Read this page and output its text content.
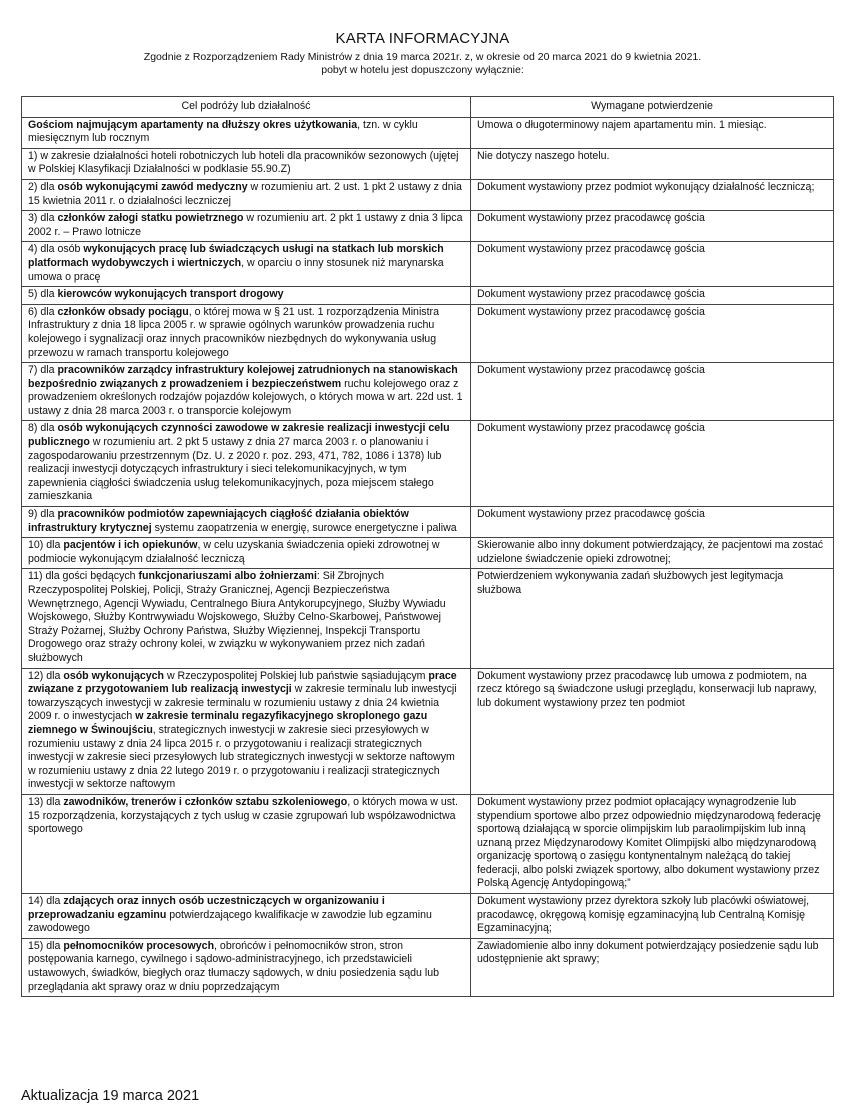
KARTA INFORMACYJNA
Zgodnie z Rozporządzeniem Rady Ministrów z dnia 19 marca 2021r. z, w okresie od 20 marca 2021 do 9 kwietnia 2021.
pobyt w hotelu jest dopuszczony wyłącznie:
Cel podróży lub działalność	Wymagane potwierdzenie
Gościom najmującym apartamenty na dłuższy okres użytkowania, tzn. w cyklu miesięcznym lub rocznym	Umowa o długoterminowy najem apartamentu min. 1 miesiąc.
1) w zakresie działalności hoteli robotniczych lub hoteli dla pracowników sezonowych (ujętej w Polskiej Klasyfikacji Działalności w podklasie 55.90.Z)	Nie dotyczy naszego hotelu.
2) dla osób wykonującymi zawód medyczny w rozumieniu art. 2 ust. 1 pkt 2 ustawy z dnia 15 kwietnia 2011 r. o działalności leczniczej	Dokument wystawiony przez podmiot wykonujący działalność leczniczą;
3) dla członków załogi statku powietrznego w rozumieniu art. 2 pkt 1 ustawy z dnia 3 lipca 2002 r. – Prawo lotnicze	Dokument wystawiony przez pracodawcę gościa
4) dla osób wykonujących pracę lub świadczących usługi na statkach lub morskich platformach wydobywczych i wiertniczych, w oparciu o inny stosunek niż marynarska umowa o pracę	Dokument wystawiony przez pracodawcę gościa
5) dla kierowców wykonujących transport drogowy	Dokument wystawiony przez pracodawcę gościa
6) dla członków obsady pociągu, o której mowa w § 21 ust. 1 rozporządzenia Ministra Infrastruktury z dnia 18 lipca 2005 r. w sprawie ogólnych warunków prowadzenia ruchu kolejowego i sygnalizacji oraz innych pracowników niezbędnych do wykonywania usług przewozu w ramach transportu kolejowego	Dokument wystawiony przez pracodawcę gościa
7) dla pracowników zarządcy infrastruktury kolejowej zatrudnionych na stanowiskach bezpośrednio związanych z prowadzeniem i bezpieczeństwem ruchu kolejowego oraz z prowadzeniem określonych rodzajów pojazdów kolejowych, o których mowa w art. 22d ust. 1 ustawy z dnia 28 marca 2003 r. o transporcie kolejowym	Dokument wystawiony przez pracodawcę gościa
8) dla osób wykonujących czynności zawodowe w zakresie realizacji inwestycji celu publicznego w rozumieniu art. 2 pkt 5 ustawy z dnia 27 marca 2003 r. o planowaniu i zagospodarowaniu przestrzennym (Dz. U. z 2020 r. poz. 293, 471, 782, 1086 i 1378) lub realizacji inwestycji dotyczących infrastruktury i sieci telekomunikacyjnych, w tym zapewnienia ciągłości świadczenia usług telekomunikacyjnych, poza miejscem stałego zamieszkania	Dokument wystawiony przez pracodawcę gościa
9) dla pracowników podmiotów zapewniających ciągłość działania obiektów infrastruktury krytycznej systemu zaopatrzenia w energię, surowce energetyczne i paliwa	Dokument wystawiony przez pracodawcę gościa
10) dla pacjentów i ich opiekunów, w celu uzyskania świadczenia opieki zdrowotnej w podmiocie wykonującym działalność leczniczą	Skierowanie albo inny dokument potwierdzający, że pacjentowi ma zostać udzielone świadczenie opieki zdrowotnej;
11) dla gości będących funkcjonariuszami albo żołnierzami: Sił Zbrojnych Rzeczypospolitej Polskiej, Policji, Straży Granicznej, Agencji Bezpieczeństwa Wewnętrznego, Agencji Wywiadu, Centralnego Biura Antykorupcyjnego, Służby Wywiadu Wojskowego, Służby Kontrwywiadu Wojskowego, Służby Celno-Skarbowej, Państwowej Straży Pożarnej, Służby Ochrony Państwa, Służby Więziennej, Inspekcji Transportu Drogowego oraz straży ochrony kolei, w związku w wykonywaniem przez nich zadań służbowych	Potwierdzeniem wykonywania zadań służbowych jest legitymacja służbowa
12) dla osób wykonujących w Rzeczypospolitej Polskiej lub państwie sąsiadującym prace związane z przygotowaniem lub realizacją inwestycji w zakresie terminalu lub inwestycji towarzyszących inwestycji w zakresie terminalu w rozumieniu ustawy z dnia 24 kwietnia 2009 r. o inwestycjach w zakresie terminalu regazyfikacyjnego skroplonego gazu ziemnego w Świnoujściu, strategicznych inwestycji w zakresie sieci przesyłowych w rozumieniu ustawy z dnia 24 lipca 2015 r. o przygotowaniu i realizacji strategicznych inwestycji w zakresie sieci przesyłowych lub strategicznych inwestycji w sektorze naftowym w rozumieniu ustawy z dnia 22 lutego 2019 r. o przygotowaniu i realizacji strategicznych inwestycji w sektorze naftowym	Dokument wystawiony przez pracodawcę lub umowa z podmiotem, na rzecz którego są świadczone usługi przeglądu, konserwacji lub naprawy, lub dokument wystawiony przez ten podmiot
13) dla zawodników, trenerów i członków sztabu szkoleniowego, o których mowa w ust. 15 rozporządzenia, korzystających z tych usług w czasie zgrupowań lub współzawodnictwa sportowego	Dokument wystawiony przez podmiot opłacający wynagrodzenie lub stypendium sportowe albo przez odpowiednio międzynarodową federację sportową działającą w sporcie olimpijskim lub paraolimpijskim lub inną uznaną przez Międzynarodowy Komitet Olimpijski albo międzynarodową organizację sportową o zasięgu kontynentalnym należącą do takiej federacji, albo polski związek sportowy, albo dokument wystawiony przez Polską Agencję Antydopingową;”
14) dla zdających oraz innych osób uczestniczących w organizowaniu i przeprowadzaniu egzaminu potwierdzającego kwalifikacje w zawodzie lub egzaminu zawodowego	Dokument wystawiony przez dyrektora szkoły lub placówki oświatowej, pracodawcę, okręgową komisję egzaminacyjną lub Centralną Komisję Egzaminacyjną;
15) dla pełnomocników procesowych, obrońców i pełnomocników stron, stron postępowania karnego, cywilnego i sądowo-administracyjnego, ich przedstawicieli ustawowych, świadków, biegłych oraz tłumaczy sądowych, w dniu posiedzenia sądu lub przeglądania akt sprawy oraz w dniu poprzedzającym	Zawiadomienie albo inny dokument potwierdzający posiedzenie sądu lub udostępnienie akt sprawy;
Aktualizacja 19 marca 2021
